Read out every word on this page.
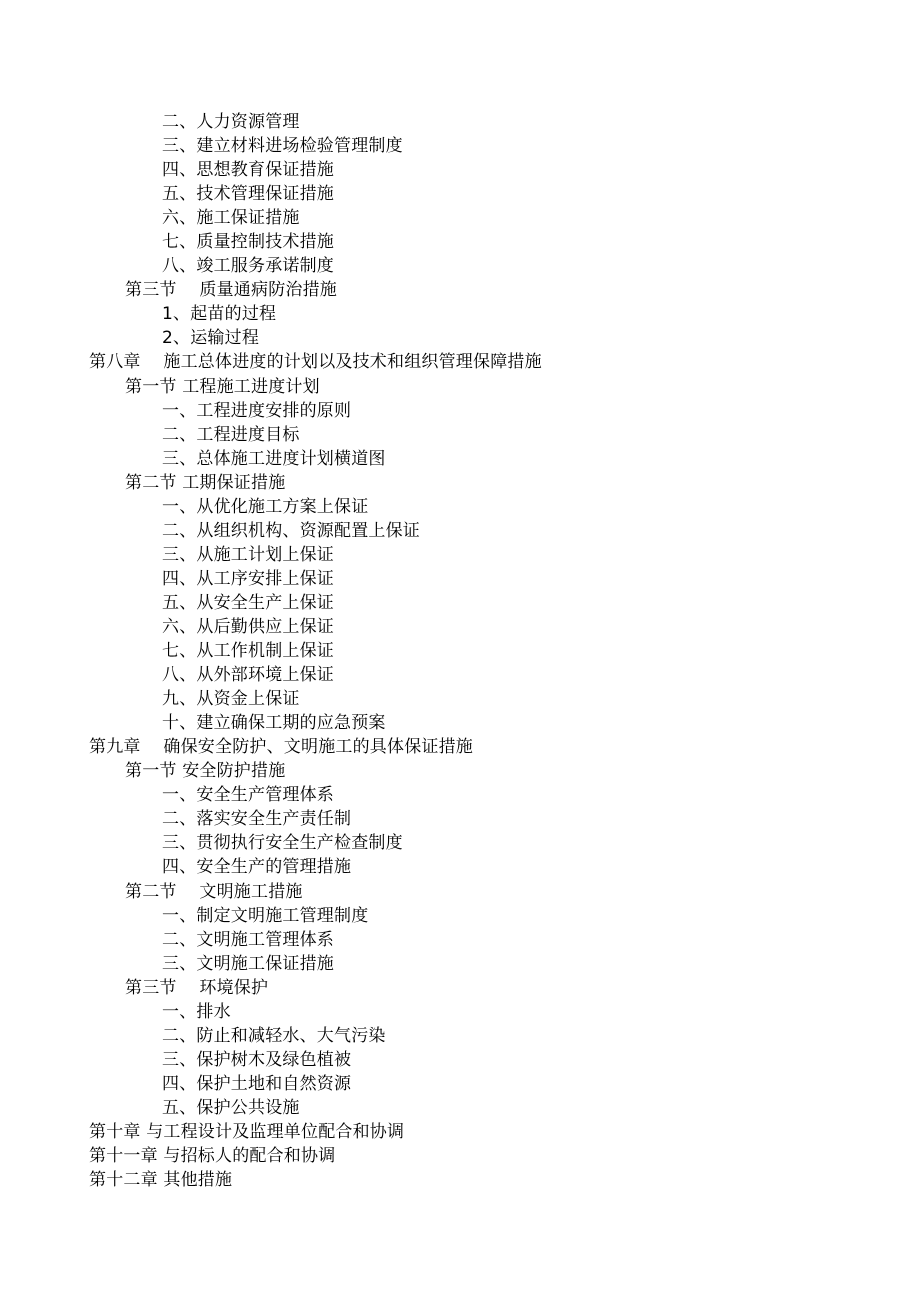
二、人力资源管理
三、建立材料进场检验管理制度
四、思想教育保证措施
五、技术管理保证措施
六、施工保证措施
七、质量控制技术措施
八、竣工服务承诺制度
第三节　 质量通病防治措施
1、起苗的过程
2、运输过程
第八章　 施工总体进度的计划以及技术和组织管理保障措施
第一节 工程施工进度计划
一、工程进度安排的原则
二、工程进度目标
三、总体施工进度计划横道图
第二节 工期保证措施
一、从优化施工方案上保证
二、从组织机构、资源配置上保证
三、从施工计划上保证
四、从工序安排上保证
五、从安全生产上保证
六、从后勤供应上保证
七、从工作机制上保证
八、从外部环境上保证
九、从资金上保证
十、建立确保工期的应急预案
第九章　 确保安全防护、文明施工的具体保证措施
第一节 安全防护措施
一、安全生产管理体系
二、落实安全生产责任制
三、贯彻执行安全生产检查制度
四、安全生产的管理措施
第二节　 文明施工措施
一、制定文明施工管理制度
二、文明施工管理体系
三、文明施工保证措施
第三节　 环境保护
一、排水
二、防止和减轻水、大气污染
三、保护树木及绿色植被
四、保护土地和自然资源
五、保护公共设施
第十章 与工程设计及监理单位配合和协调
第十一章 与招标人的配合和协调
第十二章 其他措施
